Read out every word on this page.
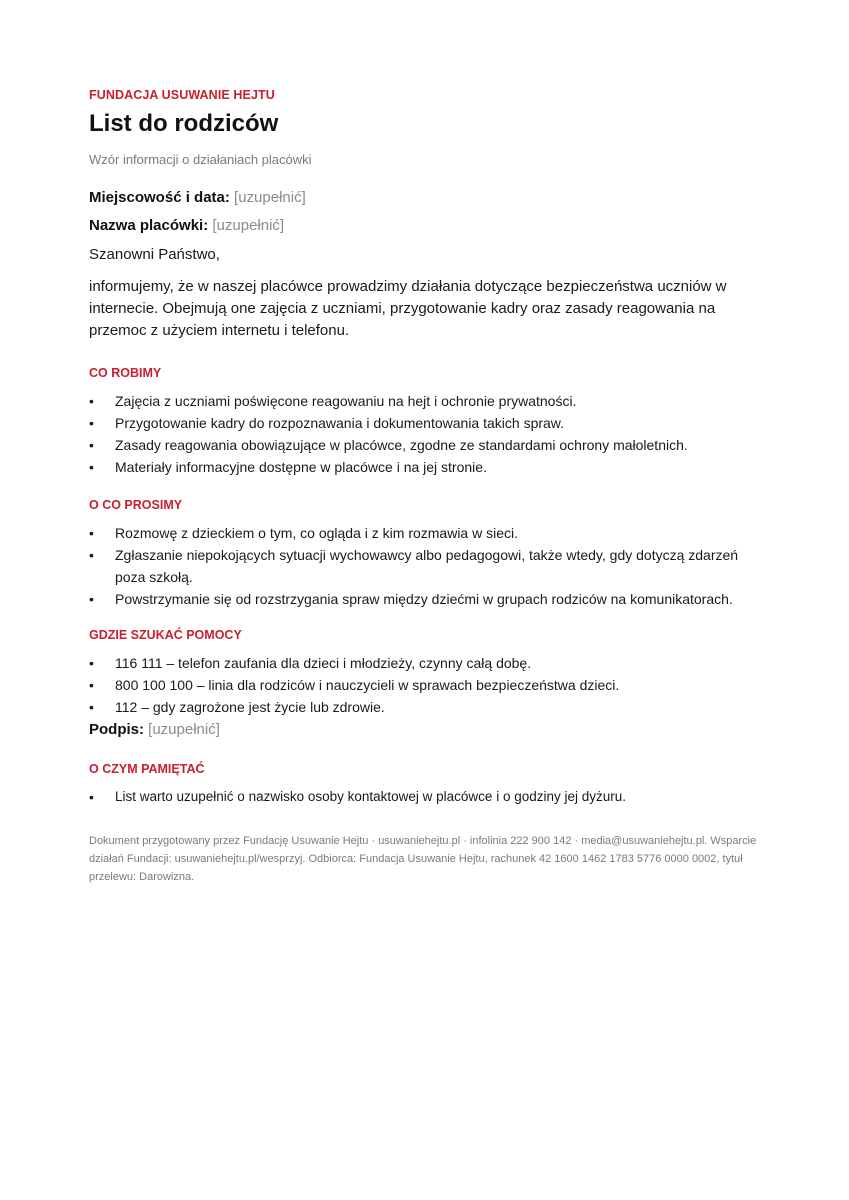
FUNDACJA USUWANIE HEJTU

List do rodziców

Wzór informacji o działaniach placówki

Miejscowość i data: [uzupełnić]

Nazwa placówki: [uzupełnić]

Szanowni Państwo,

informujemy, że w naszej placówce prowadzimy działania dotyczące bezpieczeństwa uczniów w internecie. Obejmują one zajęcia z uczniami, przygotowanie kadry oraz zasady reagowania na przemoc z użyciem internetu i telefonu.

CO ROBIMY

• Zajęcia z uczniami poświęcone reagowaniu na hejt i ochronie prywatności.
• Przygotowanie kadry do rozpoznawania i dokumentowania takich spraw.
• Zasady reagowania obowiązujące w placówce, zgodne ze standardami ochrony małoletnich.
• Materiały informacyjne dostępne w placówce i na jej stronie.

O CO PROSIMY

• Rozmowę z dzieckiem o tym, co ogląda i z kim rozmawia w sieci.
• Zgłaszanie niepokojących sytuacji wychowawcy albo pedagogowi, także wtedy, gdy dotyczą zdarzeń poza szkołą.
• Powstrzymanie się od rozstrzygania spraw między dziećmi w grupach rodziców na komunikatorach.

GDZIE SZUKAĆ POMOCY

• 116 111 – telefon zaufania dla dzieci i młodzieży, czynny całą dobę.
• 800 100 100 – linia dla rodziców i nauczycieli w sprawach bezpieczeństwa dzieci.
• 112 – gdy zagrożone jest życie lub zdrowie.

Podpis: [uzupełnić]

O CZYM PAMIĘTAĆ

• List warto uzupełnić o nazwisko osoby kontaktowej w placówce i o godziny jej dyżuru.

Dokument przygotowany przez Fundację Usuwanie Hejtu · usuwaniehejtu.pl · infolinia 222 900 142 · media@usuwaniehejtu.pl. Wsparcie działań Fundacji: usuwaniehejtu.pl/wesprzyj. Odbiorca: Fundacja Usuwanie Hejtu, rachunek 42 1600 1462 1783 5776 0000 0002, tytuł przelewu: Darowizna.
